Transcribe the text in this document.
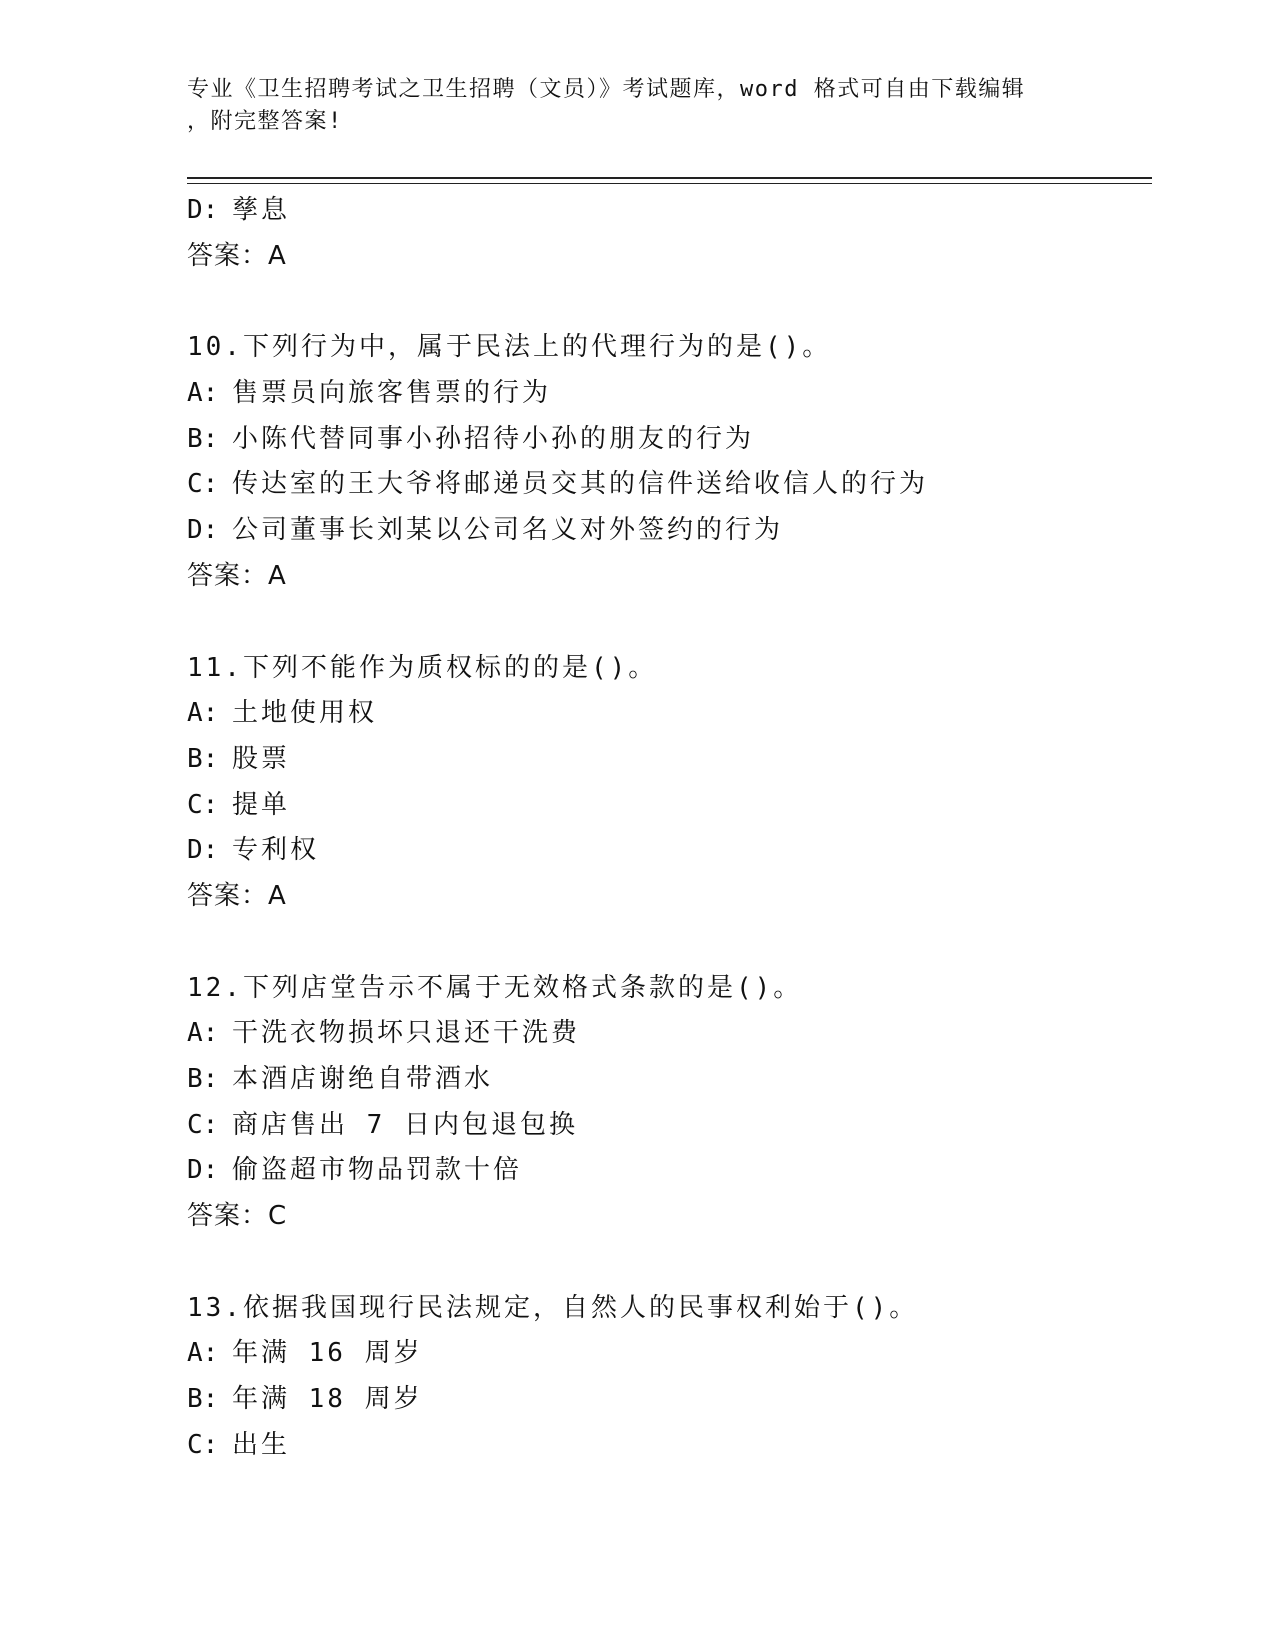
专业《卫生招聘考试之卫生招聘（文员）》考试题库，word 格式可自由下载编辑
，附完整答案!
D: 孳息
答案：A
10.下列行为中，属于民法上的代理行为的是()。
A: 售票员向旅客售票的行为
B: 小陈代替同事小孙招待小孙的朋友的行为
C: 传达室的王大爷将邮递员交其的信件送给收信人的行为
D: 公司董事长刘某以公司名义对外签约的行为
答案：A
11.下列不能作为质权标的的是()。
A: 土地使用权
B: 股票
C: 提单
D: 专利权
答案：A
12.下列店堂告示不属于无效格式条款的是()。
A: 干洗衣物损坏只退还干洗费
B: 本酒店谢绝自带酒水
C: 商店售出 7 日内包退包换
D: 偷盗超市物品罚款十倍
答案：C
13.依据我国现行民法规定，自然人的民事权利始于()。
A: 年满 16 周岁
B: 年满 18 周岁
C: 出生
